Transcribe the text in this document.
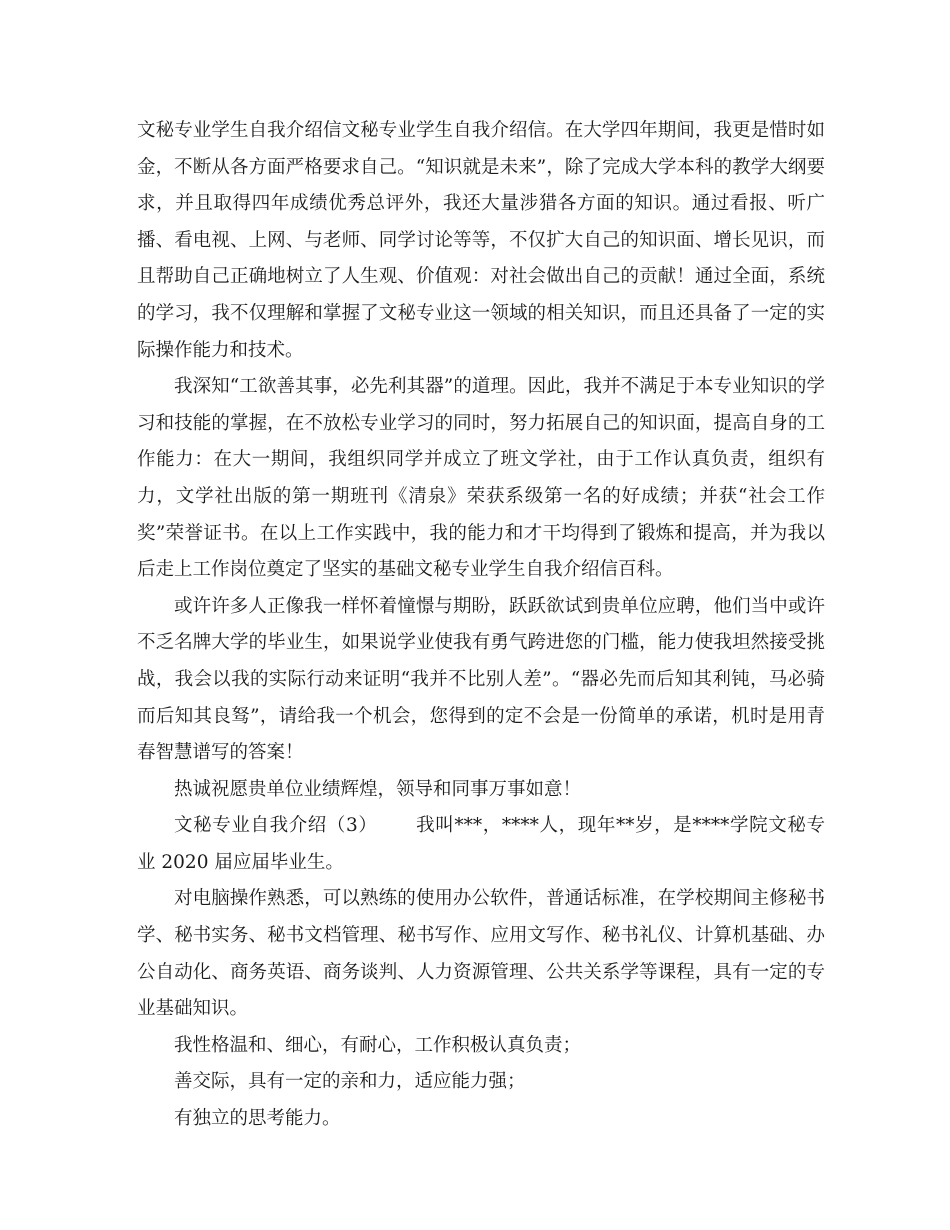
文秘专业学生自我介绍信文秘专业学生自我介绍信。在大学四年期间，我更是惜时如金，不断从各方面严格要求自己。“知识就是未来”，除了完成大学本科的教学大纲要求，并且取得四年成绩优秀总评外，我还大量涉猎各方面的知识。通过看报、听广播、看电视、上网、与老师、同学讨论等等，不仅扩大自己的知识面、增长见识，而且帮助自己正确地树立了人生观、价值观：对社会做出自己的贡献！通过全面，系统的学习，我不仅理解和掌握了文秘专业这一领域的相关知识，而且还具备了一定的实际操作能力和技术。

我深知“工欲善其事，必先利其器”的道理。因此，我并不满足于本专业知识的学习和技能的掌握，在不放松专业学习的同时，努力拓展自己的知识面，提高自身的工作能力：在大一期间，我组织同学并成立了班文学社，由于工作认真负责，组织有力，文学社出版的第一期班刊《清泉》荣获系级第一名的好成绩；并获“社会工作奖”荣誉证书。在以上工作实践中，我的能力和才干均得到了锻炼和提高，并为我以后走上工作岗位奠定了坚实的基础文秘专业学生自我介绍信百科。

或许许多人正像我一样怀着憧憬与期盼，跃跃欲试到贵单位应聘，他们当中或许不乏名牌大学的毕业生，如果说学业使我有勇气跨进您的门槛，能力使我坦然接受挑战，我会以我的实际行动来证明“我并不比别人差”。“器必先而后知其利钝，马必骑而后知其良驽”，请给我一个机会，您得到的定不会是一份简单的承诺，机时是用青春智慧谱写的答案！

热诚祝愿贵单位业绩辉煌，领导和同事万事如意！

文秘专业自我介绍（3） 我叫***，****人，现年**岁，是****学院文秘专业 2020 届应届毕业生。

对电脑操作熟悉，可以熟练的使用办公软件，普通话标准，在学校期间主修秘书学、秘书实务、秘书文档管理、秘书写作、应用文写作、秘书礼仪、计算机基础、办公自动化、商务英语、商务谈判、人力资源管理、公共关系学等课程，具有一定的专业基础知识。

我性格温和、细心，有耐心，工作积极认真负责；

善交际，具有一定的亲和力，适应能力强；

有独立的思考能力。
